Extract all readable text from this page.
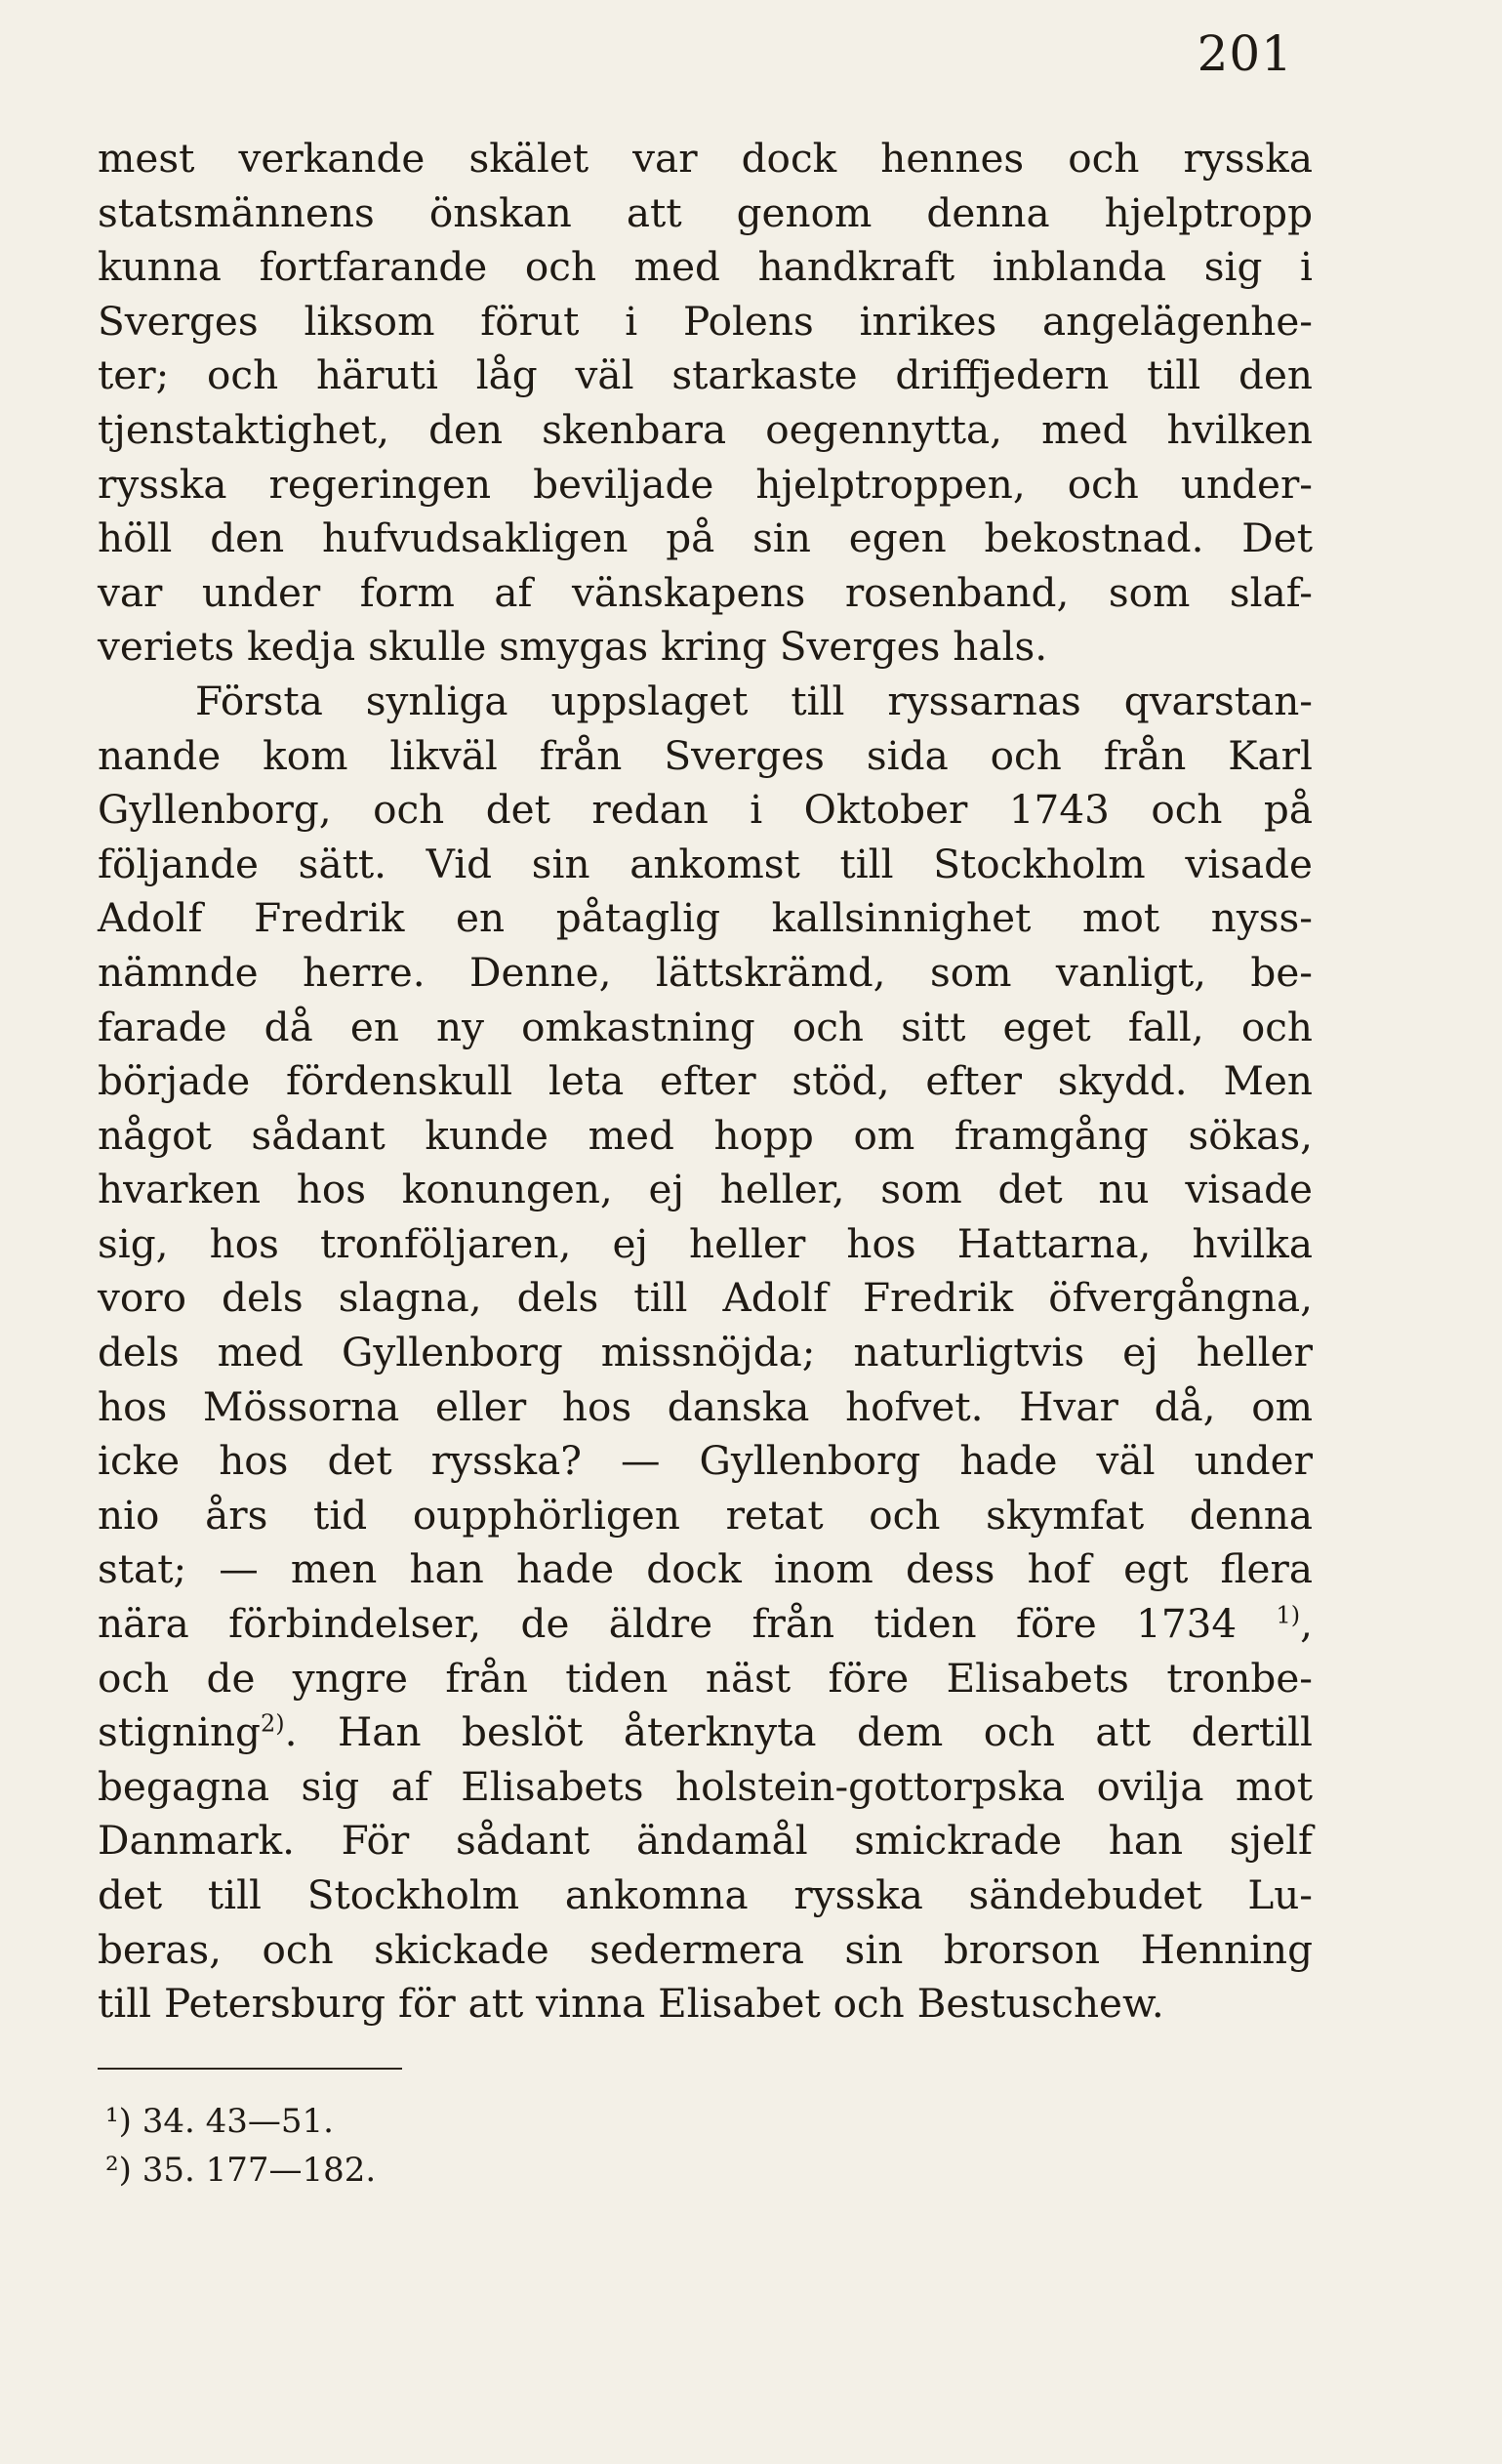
201
mest verkande skälet var dock hennes och rysska
statsmännens önskan att genom denna hjelptropp
kunna fortfarande och med handkraft inblanda sig i
Sverges liksom förut i Polens inrikes angelägenhe-
ter; och häruti låg väl starkaste driffjedern till den
tjenstaktighet, den skenbara oegennytta, med hvilken
rysska regeringen beviljade hjelptroppen, och under-
höll den hufvudsakligen på sin egen bekostnad. Det
var under form af vänskapens rosenband, som slaf-
veriets kedja skulle smygas kring Sverges hals.
Första synliga uppslaget till ryssarnas qvarstan-
nande kom likväl från Sverges sida och från Karl
Gyllenborg, och det redan i Oktober 1743 och på
följande sätt. Vid sin ankomst till Stockholm visade
Adolf Fredrik en påtaglig kallsinnighet mot nyss-
nämnde herre. Denne, lättskrämd, som vanligt, be-
farade då en ny omkastning och sitt eget fall, och
började fördenskull leta efter stöd, efter skydd. Men
något sådant kunde med hopp om framgång sökas,
hvarken hos konungen, ej heller, som det nu visade
sig, hos tronföljaren, ej heller hos Hattarna, hvilka
voro dels slagna, dels till Adolf Fredrik öfvergångna,
dels med Gyllenborg missnöjda; naturligtvis ej heller
hos Mössorna eller hos danska hofvet. Hvar då, om
icke hos det rysska? — Gyllenborg hade väl under
nio års tid oupphörligen retat och skymfat denna
stat; — men han hade dock inom dess hof egt flera
nära förbindelser, de äldre från tiden före 1734 $^{1)}$,
och de yngre från tiden näst före Elisabets tronbe-
stigning$^{2)}$. Han beslöt återknyta dem och att dertill
begagna sig af Elisabets holstein-gottorpska ovilja mot
Danmark. För sådant ändamål smickrade han sjelf
det till Stockholm ankomna rysska sändebudet Lu-
beras, och skickade sedermera sin brorson Henning
till Petersburg för att vinna Elisabet och Bestuschew.
¹) 34. 43—51.
²) 35. 177—182.
